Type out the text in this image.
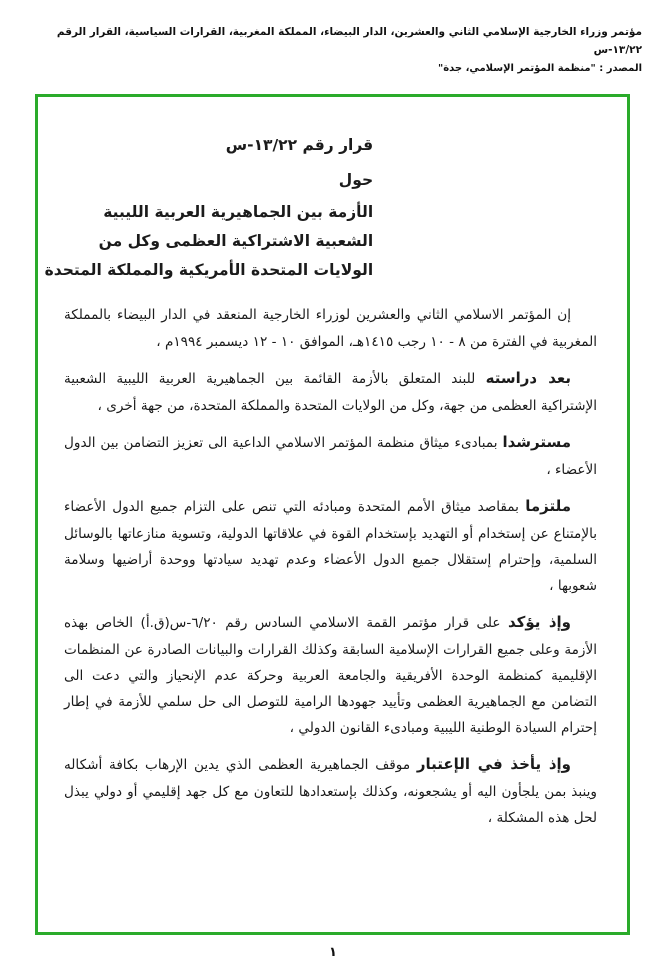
مؤتمر وزراء الخارجية الإسلامي الثاني والعشرين، الدار البيضاء، المملكة المغربية، القرارات السياسية، القرار الرقم ١٣/٢٢-س
المصدر : "منظمة المؤتمر الإسلامي، جدة"
قرار رقم ١٣/٢٢-س
حول
الأزمة بين الجماهيرية العربية الليبية
الشعبية الاشتراكية العظمى وكل من
الولايات المتحدة الأمريكية والمملكة المتحدة

إن المؤتمر الاسلامي الثاني والعشرين لوزراء الخارجية المنعقد في الدار البيضاء بالمملكة المغربية في الفترة من ٨ - ١٠ رجب ١٤١٥هـ، الموافق ١٠ - ١٢ ديسمبر ١٩٩٤م ،

بعد دراسته للبند المتعلق بالأزمة القائمة بين الجماهيرية العربية الليبية الشعبية الإشتراكية العظمى من جهة، وكل من الولايات المتحدة والمملكة المتحدة، من جهة أخرى ،

مسترشدا بمبادىء ميثاق منظمة المؤتمر الاسلامي الداعية الى تعزيز التضامن بين الدول الأعضاء ،

ملتزما بمقاصد ميثاق الأمم المتحدة ومبادئه التي تنص على التزام جميع الدول الأعضاء بالإمتناع عن إستخدام أو التهديد بإستخدام القوة في علاقاتها الدولية، وتسوية منازعاتها بالوسائل السلمية، وإحترام إستقلال جميع الدول الأعضاء وعدم تهديد سيادتها ووحدة أراضيها وسلامة شعوبها ،

وإذ يؤكد على قرار مؤتمر القمة الاسلامي السادس رقم ٦/٢٠-س(ق.أ) الخاص بهذه الأزمة وعلى جميع القرارات الإسلامية السابقة وكذلك القرارات والبيانات الصادرة عن المنظمات الإقليمية كمنظمة الوحدة الأفريقية والجامعة العربية وحركة عدم الإنحياز والتي دعت الى التضامن مع الجماهيرية العظمى وتأييد جهودها الرامية للتوصل الى حل سلمي للأزمة في إطار إحترام السيادة الوطنية الليبية ومبادىء القانون الدولي ،

وإذ يأخذ في الإعتبار موقف الجماهيرية العظمى الذي يدين الإرهاب بكافة أشكاله وينبذ بمن يلجأون اليه أو يشجعونه، وكذلك بإستعدادها للتعاون مع كل جهد إقليمي أو دولي يبذل لحل هذه المشكلة ،

١
